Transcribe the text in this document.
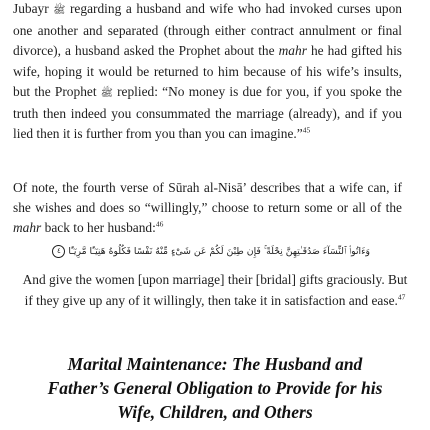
Jubayr ﷺ regarding a husband and wife who had invoked curses upon one another and separated (through either contract annulment or final divorce), a husband asked the Prophet about the mahr he had gifted his wife, hoping it would be returned to him because of his wife’s insults, but the Prophet ﷺ replied: “No money is due for you, if you spoke the truth then indeed you consummated the marriage (already), and if you lied then it is further from you than you can imagine.”$^{45}$

Of note, the fourth verse of Sūrah al-Nisā’ describes that a wife can, if she wishes and does so “willingly,” choose to return some or all of the mahr back to her husband:$^{46}$

وَءَاتُوا۟ ٱلنِّسَآءَ صَدُقَـٰتِهِنَّ نِحْلَةً ۚ فَإِن طِبْنَ لَكُمْ عَن شَىْءٍ مِّنْهُ نَفْسًا فَكُلُوهُ هَنِيٓـًٔا مَّرِيٓـًٔا ٤

And give the women [upon marriage] their [bridal] gifts graciously. But if they give up any of it willingly, then take it in satisfaction and ease.$^{47}$

Marital Maintenance: The Husband and
Father’s General Obligation to Provide for his
Wife, Children, and Others
